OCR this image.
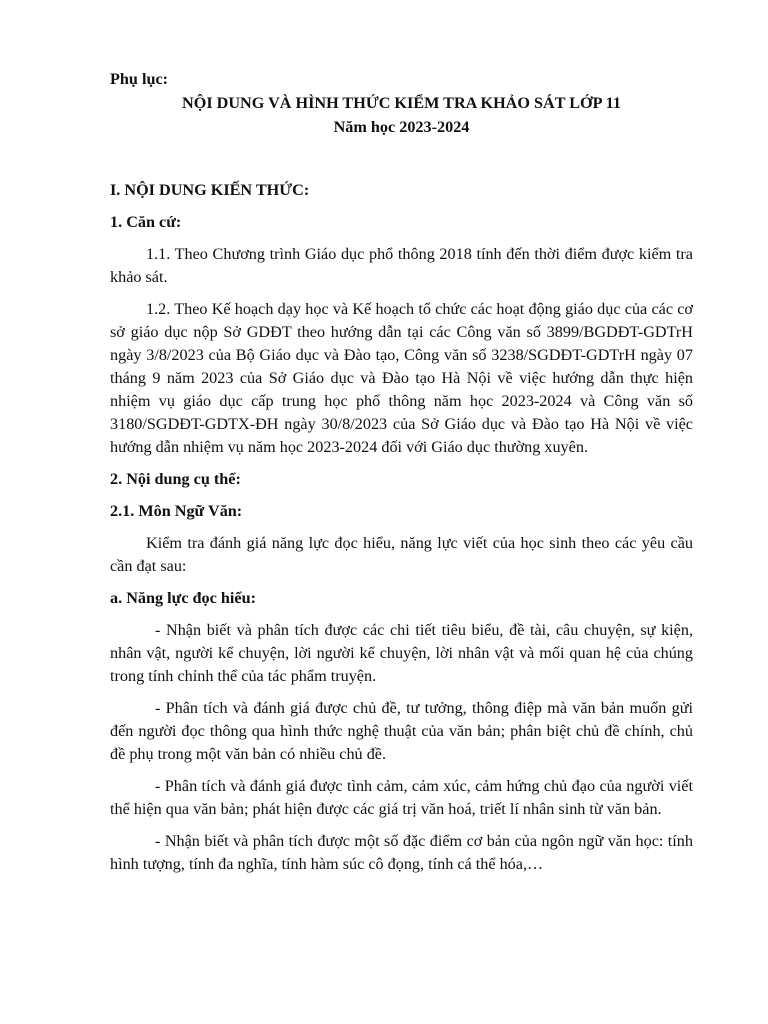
Phụ lục:

NỘI DUNG VÀ HÌNH THỨC KIỂM TRA KHẢO SÁT LỚP 11

Năm học 2023-2024

I. NỘI DUNG KIẾN THỨC:

1. Căn cứ:

1.1. Theo Chương trình Giáo dục phổ thông 2018 tính đến thời điểm được kiểm tra khảo sát.

1.2. Theo Kế hoạch dạy học và Kế hoạch tổ chức các hoạt động giáo dục của các cơ sở giáo dục nộp Sở GDĐT theo hướng dẫn tại các Công văn số 3899/BGDĐT-GDTrH ngày 3/8/2023 của Bộ Giáo dục và Đào tạo, Công văn số 3238/SGDĐT-GDTrH ngày 07 tháng 9 năm 2023 của Sở Giáo dục và Đào tạo Hà Nội về việc hướng dẫn thực hiện nhiệm vụ giáo dục cấp trung học phổ thông năm học 2023-2024 và Công văn số 3180/SGDĐT-GDTX-ĐH ngày 30/8/2023 của Sở Giáo dục và Đào tạo Hà Nội về việc hướng dẫn nhiệm vụ năm học 2023-2024 đối với Giáo dục thường xuyên.

2. Nội dung cụ thể:

2.1. Môn Ngữ Văn:

Kiểm tra đánh giá năng lực đọc hiểu, năng lực viết của học sinh theo các yêu cầu cần đạt sau:

a. Năng lực đọc hiểu:

- Nhận biết và phân tích được các chi tiết tiêu biểu, đề tài, câu chuyện, sự kiện, nhân vật, người kể chuyện, lời người kể chuyện, lời nhân vật và mối quan hệ của chúng trong tính chỉnh thể của tác phẩm truyện.

- Phân tích và đánh giá được chủ đề, tư tưởng, thông điệp mà văn bản muốn gửi đến người đọc thông qua hình thức nghệ thuật của văn bản; phân biệt chủ đề chính, chủ đề phụ trong một văn bản có nhiều chủ đề.

- Phân tích và đánh giá được tình cảm, cảm xúc, cảm hứng chủ đạo của người viết thể hiện qua văn bản; phát hiện được các giá trị văn hoá, triết lí nhân sinh từ văn bản.

- Nhận biết và phân tích được một số đặc điểm cơ bản của ngôn ngữ văn học: tính hình tượng, tính đa nghĩa, tính hàm súc cô đọng, tính cá thể hóa,…
